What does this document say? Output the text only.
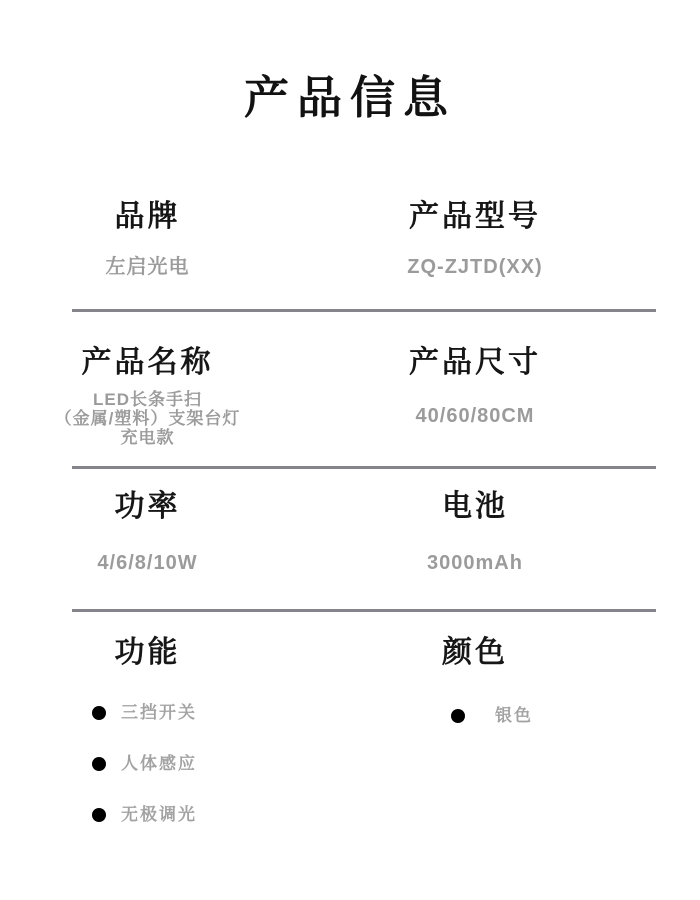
产品信息
品牌
左启光电
产品型号
ZQ-ZJTD(XX)
产品名称
LED长条手扫
（金属/塑料）支架台灯
充电款
产品尺寸
40/60/80CM
功率
4/6/8/10W
电池
3000mAh
功能
三挡开关
人体感应
无极调光
颜色
银色
